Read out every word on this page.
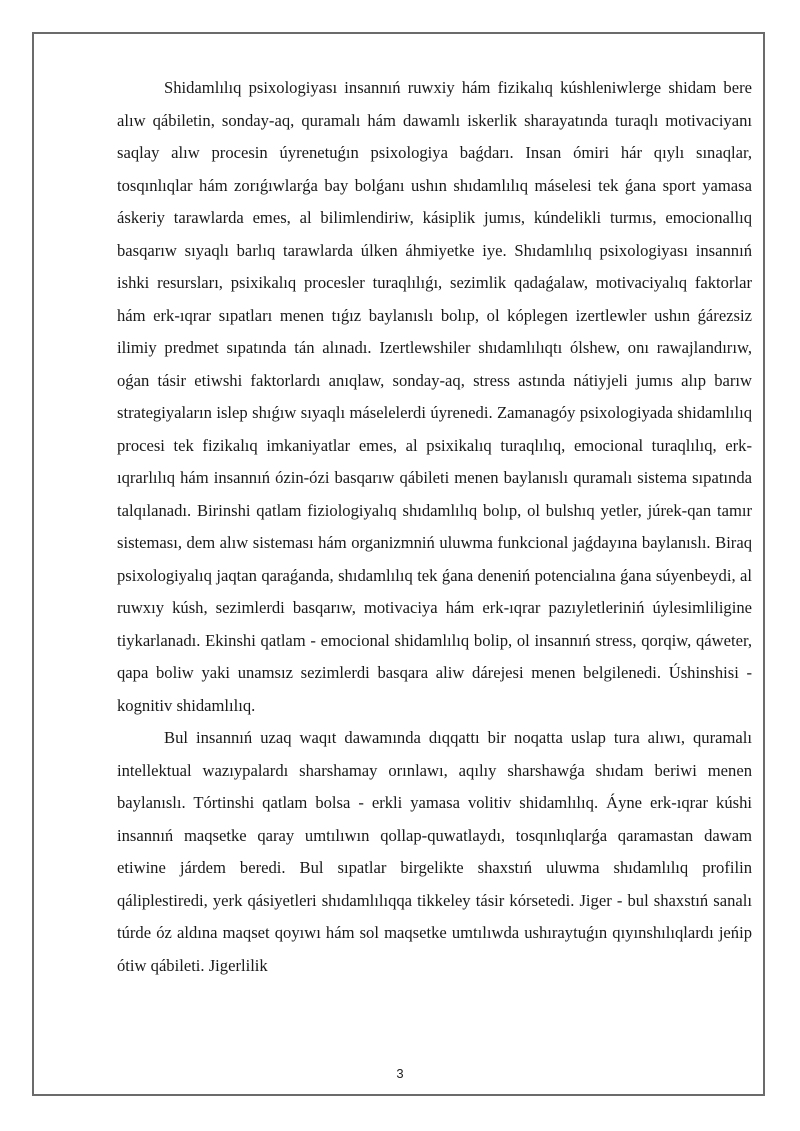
Shidamlılıq psixologiyası insannıń ruwxiy hám fizikalıq kúshleniwlerge shidam bere alıw qábiletin, sonday-aq, quramalı hám dawamlı iskerlik sharayatında turaqlı motivaciyanı saqlay alıw procesin úyrenetuǵın psixologiya baǵdarı. Insan ómiri hár qıylı sınaqlar, tosqınlıqlar hám zorıǵıwlarǵa bay bolǵanı ushın shıdamlılıq máselesi tek ǵana sport yamasa áskeriy tarawlarda emes, al bilimlendiriw, kásiplik jumıs, kúndelikli turmıs, emocionallıq basqarıw sıyaqlı barlıq tarawlarda úlken áhmiyetke iye. Shıdamlılıq psixologiyası insannıń ishki resursları, psixikalıq procesler turaqlılıǵı, sezimlik qadaǵalaw, motivaciyalıq faktorlar hám erk-ıqrar sıpatları menen tıǵız baylanıslı bolıp, ol kóplegen izertlewler ushın ǵárezsiz ilimiy predmet sıpatında tán alınadı. Izertlewshiler shıdamlılıqtı ólshew, onı rawajlandırıw, oǵan tásir etiwshi faktorlardı anıqlaw, sonday-aq, stress astında nátiyjeli jumıs alıp barıw strategiyaların islep shıǵıw sıyaqlı máselelerdi úyrenedi. Zamanagóy psixologiyada shidamlılıq procesi tek fizikalıq imkaniyatlar emes, al psixikalıq turaqlılıq, emocional turaqlılıq, erk-ıqrarlılıq hám insannıń ózin-ózi basqarıw qábileti menen baylanıslı quramalı sistema sıpatında talqılanadı. Birinshi qatlam fiziologiyalıq shıdamlılıq bolıp, ol bulshıq yetler, júrek-qan tamır sisteması, dem alıw sisteması hám organizmniń uluwma funkcional jaǵdayına baylanıslı. Biraq psixologiyalıq jaqtan qaraǵanda, shıdamlılıq tek ǵana deneniń potencialına ǵana súyenbeydi, al ruwxıy kúsh, sezimlerdi basqarıw, motivaciya hám erk-ıqrar pazıyletleriniń úylesimliligine tiykarlanadı. Ekinshi qatlam - emocional shidamlılıq bolip, ol insannıń stress, qorqiw, qáweter, qapa boliw yaki unamsız sezimlerdi basqara aliw dárejesi menen belgilenedi. Úshinshisi - kognitiv shidamlılıq.

Bul insannıń uzaq waqıt dawamında dıqqattı bir noqatta uslap tura alıwı, quramalı intellektual wazıypalardı sharshamay orınlawı, aqılıy sharshawǵa shıdam beriwi menen baylanıslı. Tórtinshi qatlam bolsa - erkli yamasa volitiv shidamlılıq. Áyne erk-ıqrar kúshi insannıń maqsetke qaray umtılıwın qollap-quwatlaydı, tosqınlıqlarǵa qaramastan dawam etiwine járdem beredi. Bul sıpatlar birgelikte shaxstıń uluwma shıdamlılıq profilin qáliplestiredi, yerk qásiyetleri shıdamlılıqqa tikkeley tásir kórsetedi. Jiger - bul shaxstıń sanalı túrde óz aldına maqset qoyıwı hám sol maqsetke umtılıwda ushıraytuǵın qıyınshılıqlardı jeńip ótiw qábileti. Jigerlilik

3
